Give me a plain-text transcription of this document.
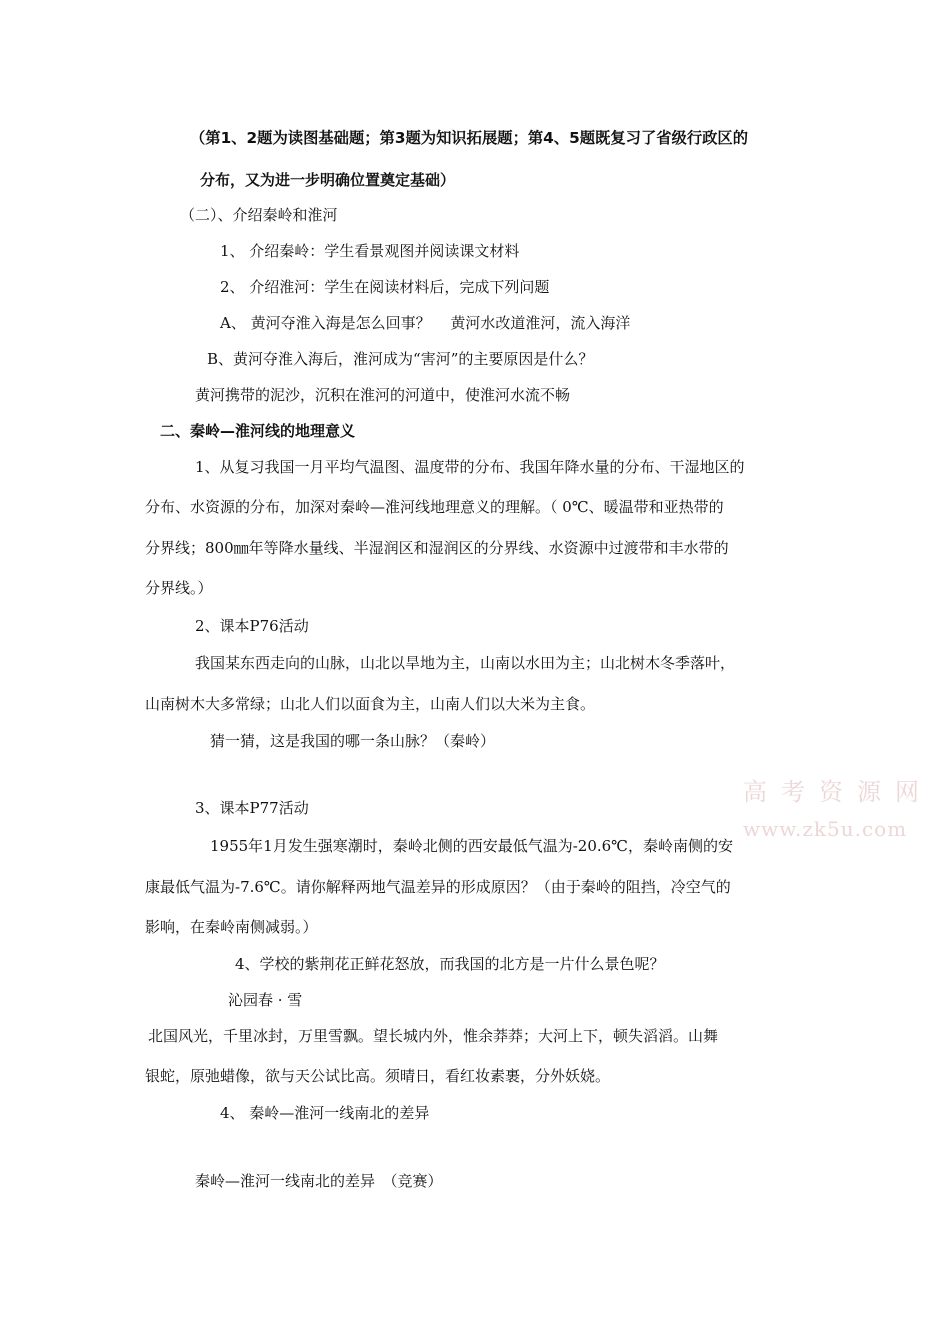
（第1、2题为读图基础题；第3题为知识拓展题；第4、5题既复习了省级行政区的
分布，又为进一步明确位置奠定基础）
（二）、介绍秦岭和淮河
1、 介绍秦岭：学生看景观图并阅读课文材料
2、 介绍淮河：学生在阅读材料后，完成下列问题
A、 黄河夺淮入海是怎么回事？　 黄河水改道淮河，流入海洋
B、黄河夺淮入海后，淮河成为“害河”的主要原因是什么？
黄河携带的泥沙，沉积在淮河的河道中，使淮河水流不畅
二、秦岭—淮河线的地理意义
1、从复习我国一月平均气温图、温度带的分布、我国年降水量的分布、干湿地区的
分布、水资源的分布，加深对秦岭—淮河线地理意义的理解。（ 0℃、暖温带和亚热带的
分界线；800㎜年等降水量线、半湿润区和湿润区的分界线、水资源中过渡带和丰水带的
分界线。）
2、课本P76活动
我国某东西走向的山脉，山北以旱地为主，山南以水田为主；山北树木冬季落叶，
山南树木大多常绿；山北人们以面食为主，山南人们以大米为主食。
猜一猜，这是我国的哪一条山脉？（秦岭）
3、课本P77活动
1955年1月发生强寒潮时，秦岭北侧的西安最低气温为-20.6℃，秦岭南侧的安
康最低气温为-7.6℃。请你解释两地气温差异的形成原因？（由于秦岭的阻挡，冷空气的
影响，在秦岭南侧减弱。）
4、学校的紫荆花正鲜花怒放，而我国的北方是一片什么景色呢？
沁园春 · 雪
北国风光，千里冰封，万里雪飘。望长城内外，惟余莽莽；大河上下，顿失滔滔。山舞
银蛇，原弛蜡像，欲与天公试比高。须晴日，看红妆素裹，分外妖娆。
4、 秦岭—淮河一线南北的差异
秦岭—淮河一线南北的差异　（竞赛）
高考资源网
www.zk5u.com
